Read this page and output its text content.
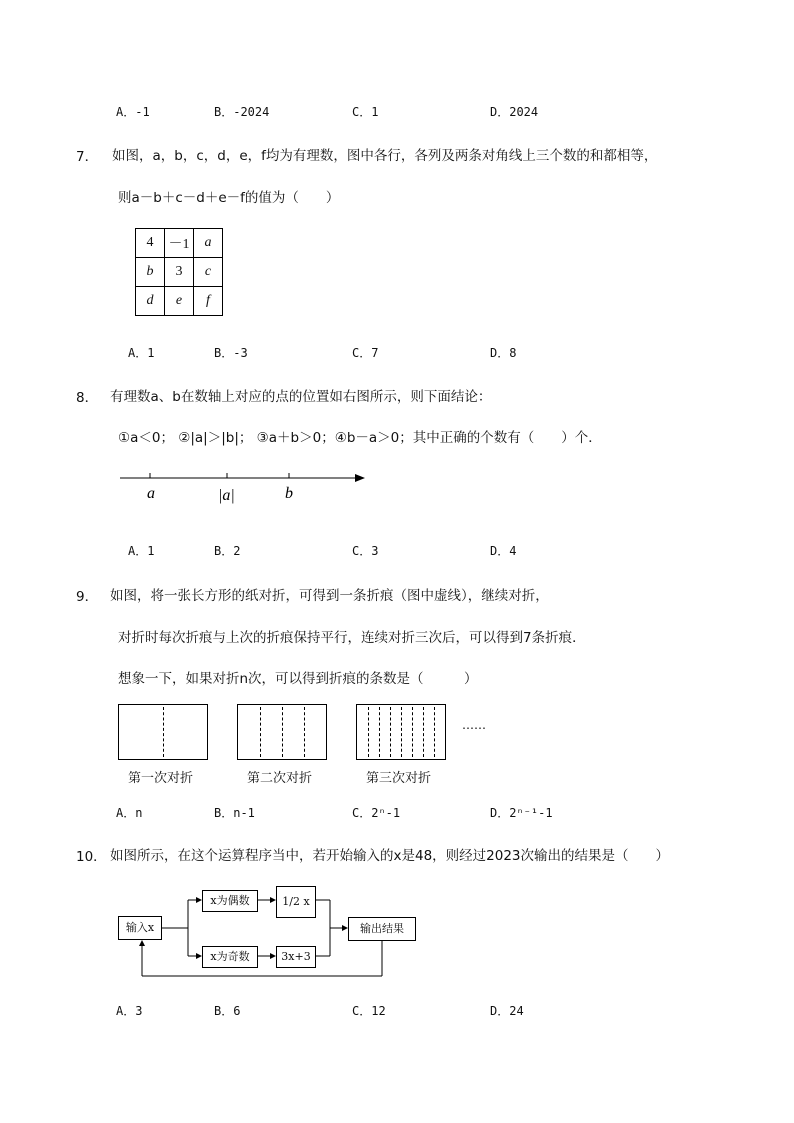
A．-1	B．-2024	C．1	D．2024
7． 如图，a，b，c，d，e，f均为有理数，图中各行，各列及两条对角线上三个数的和都相等，
则a－b＋c－d＋e－f的值为（　　）
4	－1	a
b	3	c
d	e	f
A．1	B．-3	C．7	D．8
8． 有理数a、b在数轴上对应的点的位置如右图所示，则下面结论：
①a＜0； ②|a|＞|b|； ③a＋b＞0；④b－a＞0；其中正确的个数有（　　）个．
a	|a|	b
A．1	B．2	C．3	D．4
9． 如图，将一张长方形的纸对折，可得到一条折痕（图中虚线），继续对折，
对折时每次折痕与上次的折痕保持平行，连续对折三次后，可以得到7条折痕．
想象一下，如果对折n次，可以得到折痕的条数是（　　　）
……
第一次对折	第二次对折	第三次对折
A．n	B．n-1	C．2ⁿ-1	D．2ⁿ⁻¹-1
10． 如图所示，在这个运算程序当中，若开始输入的x是48，则经过2023次输出的结果是（　　）
输入x
x为偶数
x为奇数
1/2 x
3x+3
输出结果
A．3	B．6	C．12	D．24
